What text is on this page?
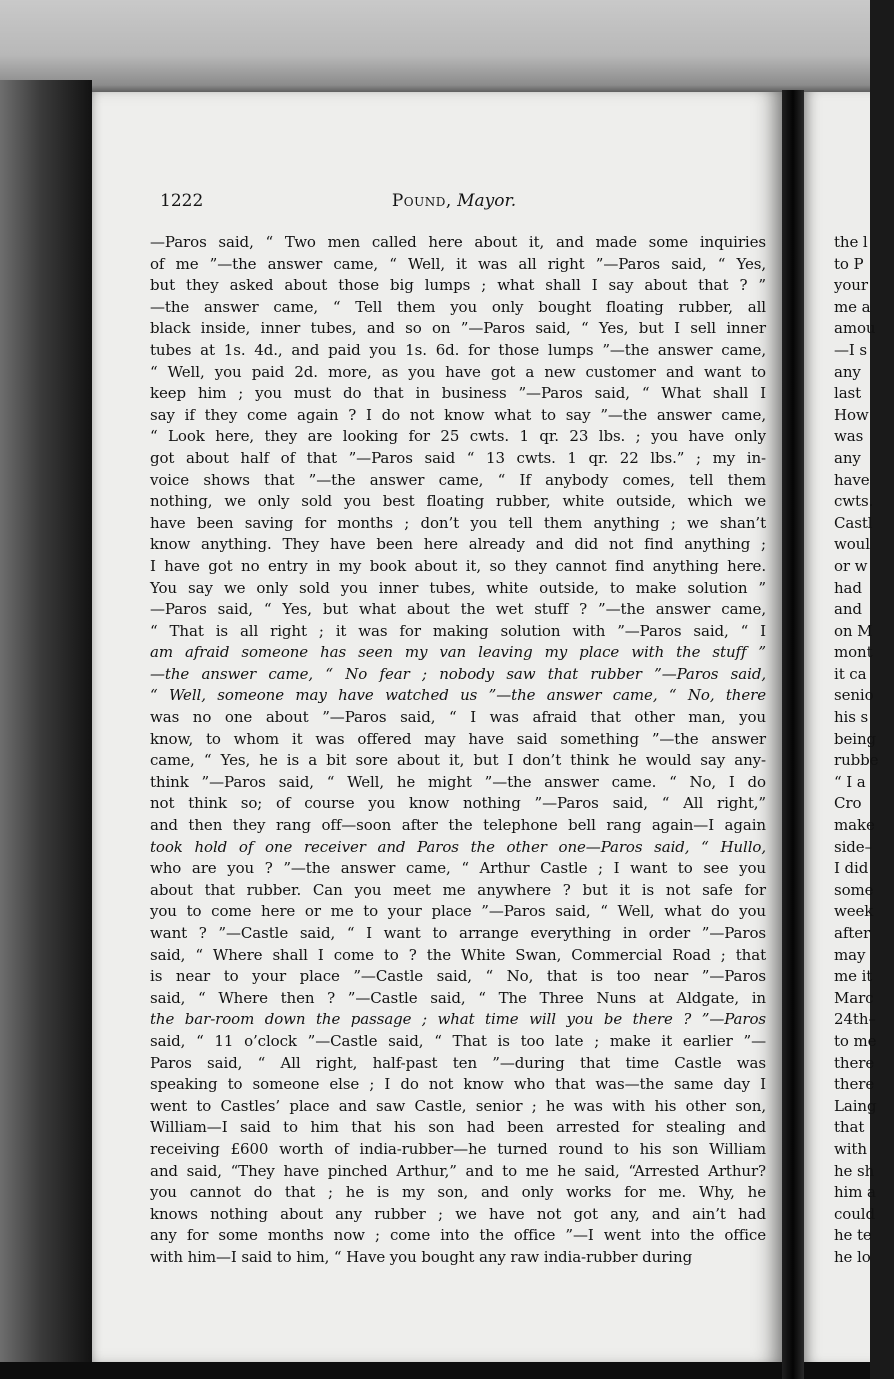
1222	Pound, Mayor.
—Paros said, “ Two men called here about it, and made some inquiries
of me ”—the answer came, “ Well, it was all right ”—Paros said, “ Yes,
but they asked about those big lumps ; what shall I say about that ? ”
—the answer came, “ Tell them you only bought floating rubber, all
black inside, inner tubes, and so on ”—Paros said, “ Yes, but I sell inner
tubes at 1s. 4d., and paid you 1s. 6d. for those lumps ”—the answer came,
“ Well, you paid 2d. more, as you have got a new customer and want to
keep him ; you must do that in business ”—Paros said, “ What shall I
say if they come again ? I do not know what to say ”—the answer came,
“ Look here, they are looking for 25 cwts. 1 qr. 23 lbs. ; you have only
got about half of that ”—Paros said “ 13 cwts. 1 qr. 22 lbs.” ; my in-
voice shows that ”—the answer came, “ If anybody comes, tell them
nothing, we only sold you best floating rubber, white outside, which we
have been saving for months ; don’t you tell them anything ; we shan’t
know anything. They have been here already and did not find anything ;
I have got no entry in my book about it, so they cannot find anything here.
You say we only sold you inner tubes, white outside, to make solution ”
—Paros said, “ Yes, but what about the wet stuff ? ”—the answer came,
“ That is all right ; it was for making solution with ”—Paros said, “ I
am afraid someone has seen my van leaving my place with the stuff ”
—the answer came, “ No fear ; nobody saw that rubber ”—Paros said,
“ Well, someone may have watched us ”—the answer came, “ No, there
was no one about ”—Paros said, “ I was afraid that other man, you
know, to whom it was offered may have said something ”—the answer
came, “ Yes, he is a bit sore about it, but I don’t think he would say any-
think ”—Paros said, “ Well, he might ”—the answer came. “ No, I do
not think so; of course you know nothing ”—Paros said, “ All right,”
and then they rang off—soon after the telephone bell rang again—I again
took hold of one receiver and Paros the other one—Paros said, “ Hullo,
who are you ? ”—the answer came, “ Arthur Castle ; I want to see you
about that rubber. Can you meet me anywhere ? but it is not safe for
you to come here or me to your place ”—Paros said, “ Well, what do you
want ? ”—Castle said, “ I want to arrange everything in order ”—Paros
said, “ Where shall I come to ? the White Swan, Commercial Road ; that
is near to your place ”—Castle said, “ No, that is too near ”—Paros
said, “ Where then ? ”—Castle said, “ The Three Nuns at Aldgate, in
the bar-room down the passage ; what time will you be there ? ”—Paros
said, “ 11 o’clock ”—Castle said, “ That is too late ; make it earlier ”—
Paros said, “ All right, half-past ten ”—during that time Castle was
speaking to someone else ; I do not know who that was—the same day I
went to Castles’ place and saw Castle, senior ; he was with his other son,
William—I said to him that his son had been arrested for stealing and
receiving £600 worth of india-rubber—he turned round to his son William
and said, “They have pinched Arthur,” and to me he said, “Arrested Arthur?
you cannot do that ; he is my son, and only works for me. Why, he
knows nothing about any rubber ; we have not got any, and ain’t had
any for some months now ; come into the office ”—I went into the office
with him—I said to him, “ Have you bought any raw india-rubber during
the l
to P
your
me a
amou
—I s
any
last
How
was
any
have
cwts.
Castl
woul
or w
had
and
on M
mont
it ca
senio
his s
being
rubbe
“ I a
Cro
make
side–
I did
some
week
after
may
me it
Marc
24th–
to me
there
there
Laing
that
with
he sh
him a
could
he te
he lo
